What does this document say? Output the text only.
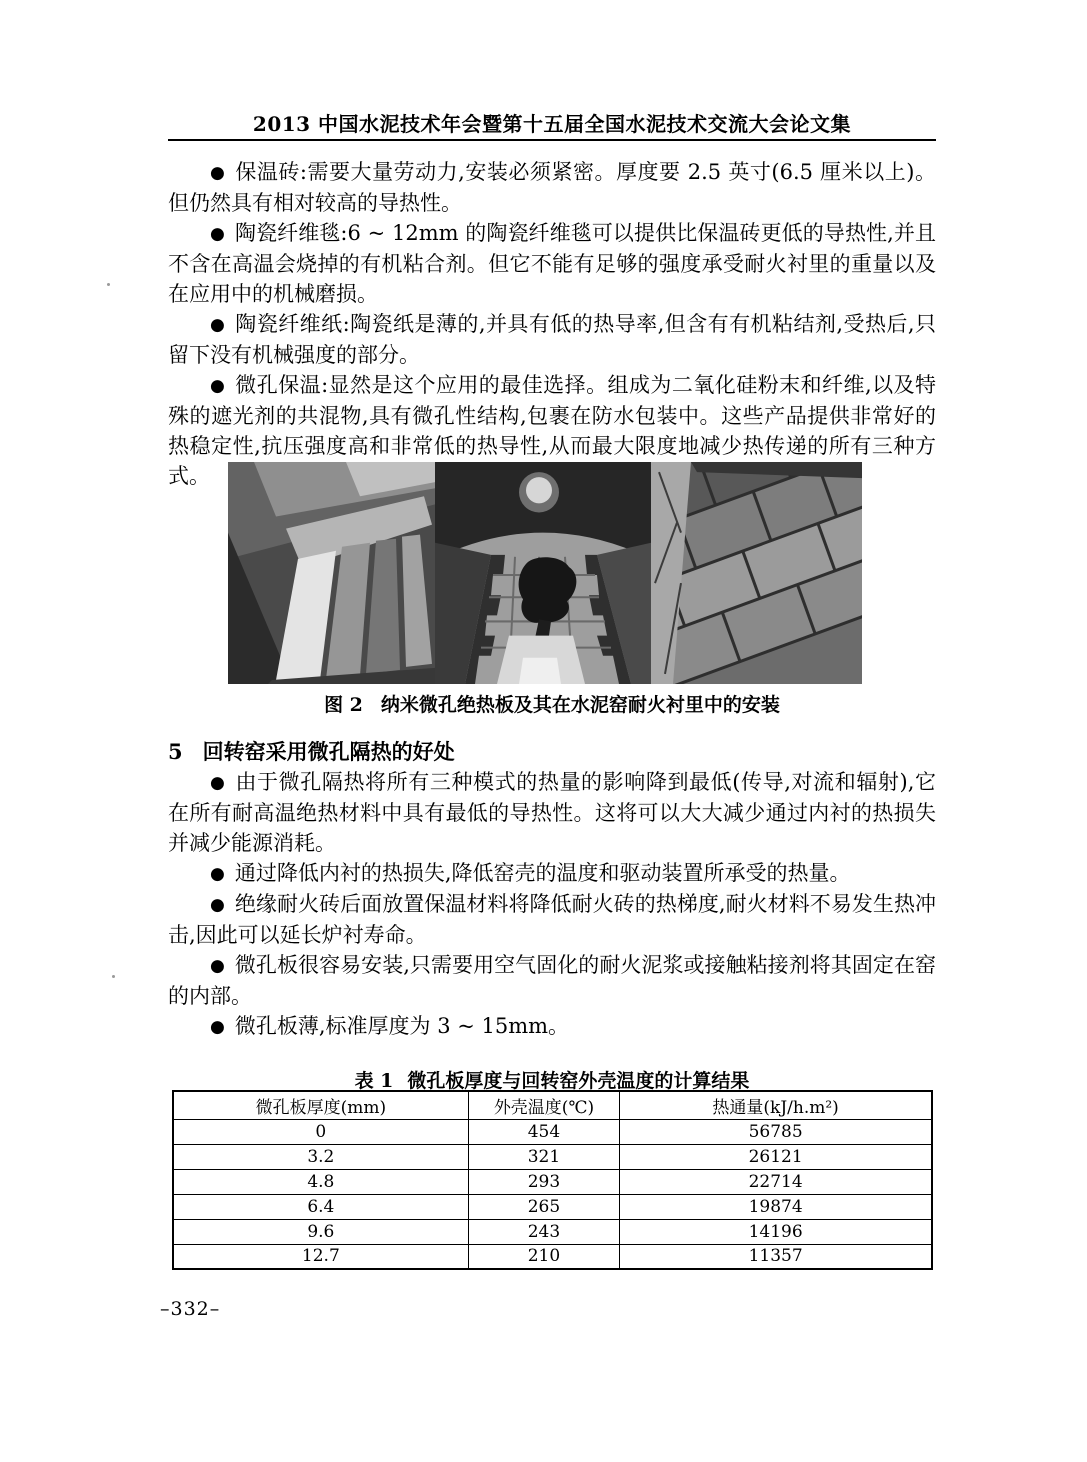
2013 中国水泥技术年会暨第十五届全国水泥技术交流大会论文集

● 保温砖:需要大量劳动力,安装必须紧密。厚度要 2.5 英寸(6.5 厘米以上)。但仍然具有相对较高的导热性。

● 陶瓷纤维毯:6 ~ 12mm 的陶瓷纤维毯可以提供比保温砖更低的导热性,并且不含在高温会烧掉的有机粘合剂。但它不能有足够的强度承受耐火衬里的重量以及在应用中的机械磨损。

● 陶瓷纤维纸:陶瓷纸是薄的,并具有低的热导率,但含有有机粘结剂,受热后,只留下没有机械强度的部分。

● 微孔保温:显然是这个应用的最佳选择。组成为二氧化硅粉末和纤维,以及特殊的遮光剂的共混物,具有微孔性结构,包裹在防水包装中。这些产品提供非常好的热稳定性,抗压强度高和非常低的热导性,从而最大限度地减少热传递的所有三种方式。

图 2 纳米微孔绝热板及其在水泥窑耐火衬里中的安装

5 回转窑采用微孔隔热的好处

● 由于微孔隔热将所有三种模式的热量的影响降到最低(传导,对流和辐射),它在所有耐高温绝热材料中具有最低的导热性。这将可以大大减少通过内衬的热损失并减少能源消耗。

● 通过降低内衬的热损失,降低窑壳的温度和驱动装置所承受的热量。

● 绝缘耐火砖后面放置保温材料将降低耐火砖的热梯度,耐火材料不易发生热冲击,因此可以延长炉衬寿命。

● 微孔板很容易安装,只需要用空气固化的耐火泥浆或接触粘接剂将其固定在窑的内部。

● 微孔板薄,标准厚度为 3 ~ 15mm。

表 1 微孔板厚度与回转窑外壳温度的计算结果
微孔板厚度(mm)	外壳温度(℃)	热通量(kJ/h.m²)
0	454	56785
3.2	321	26121
4.8	293	22714
6.4	265	19874
9.6	243	14196
12.7	210	11357
–332–
